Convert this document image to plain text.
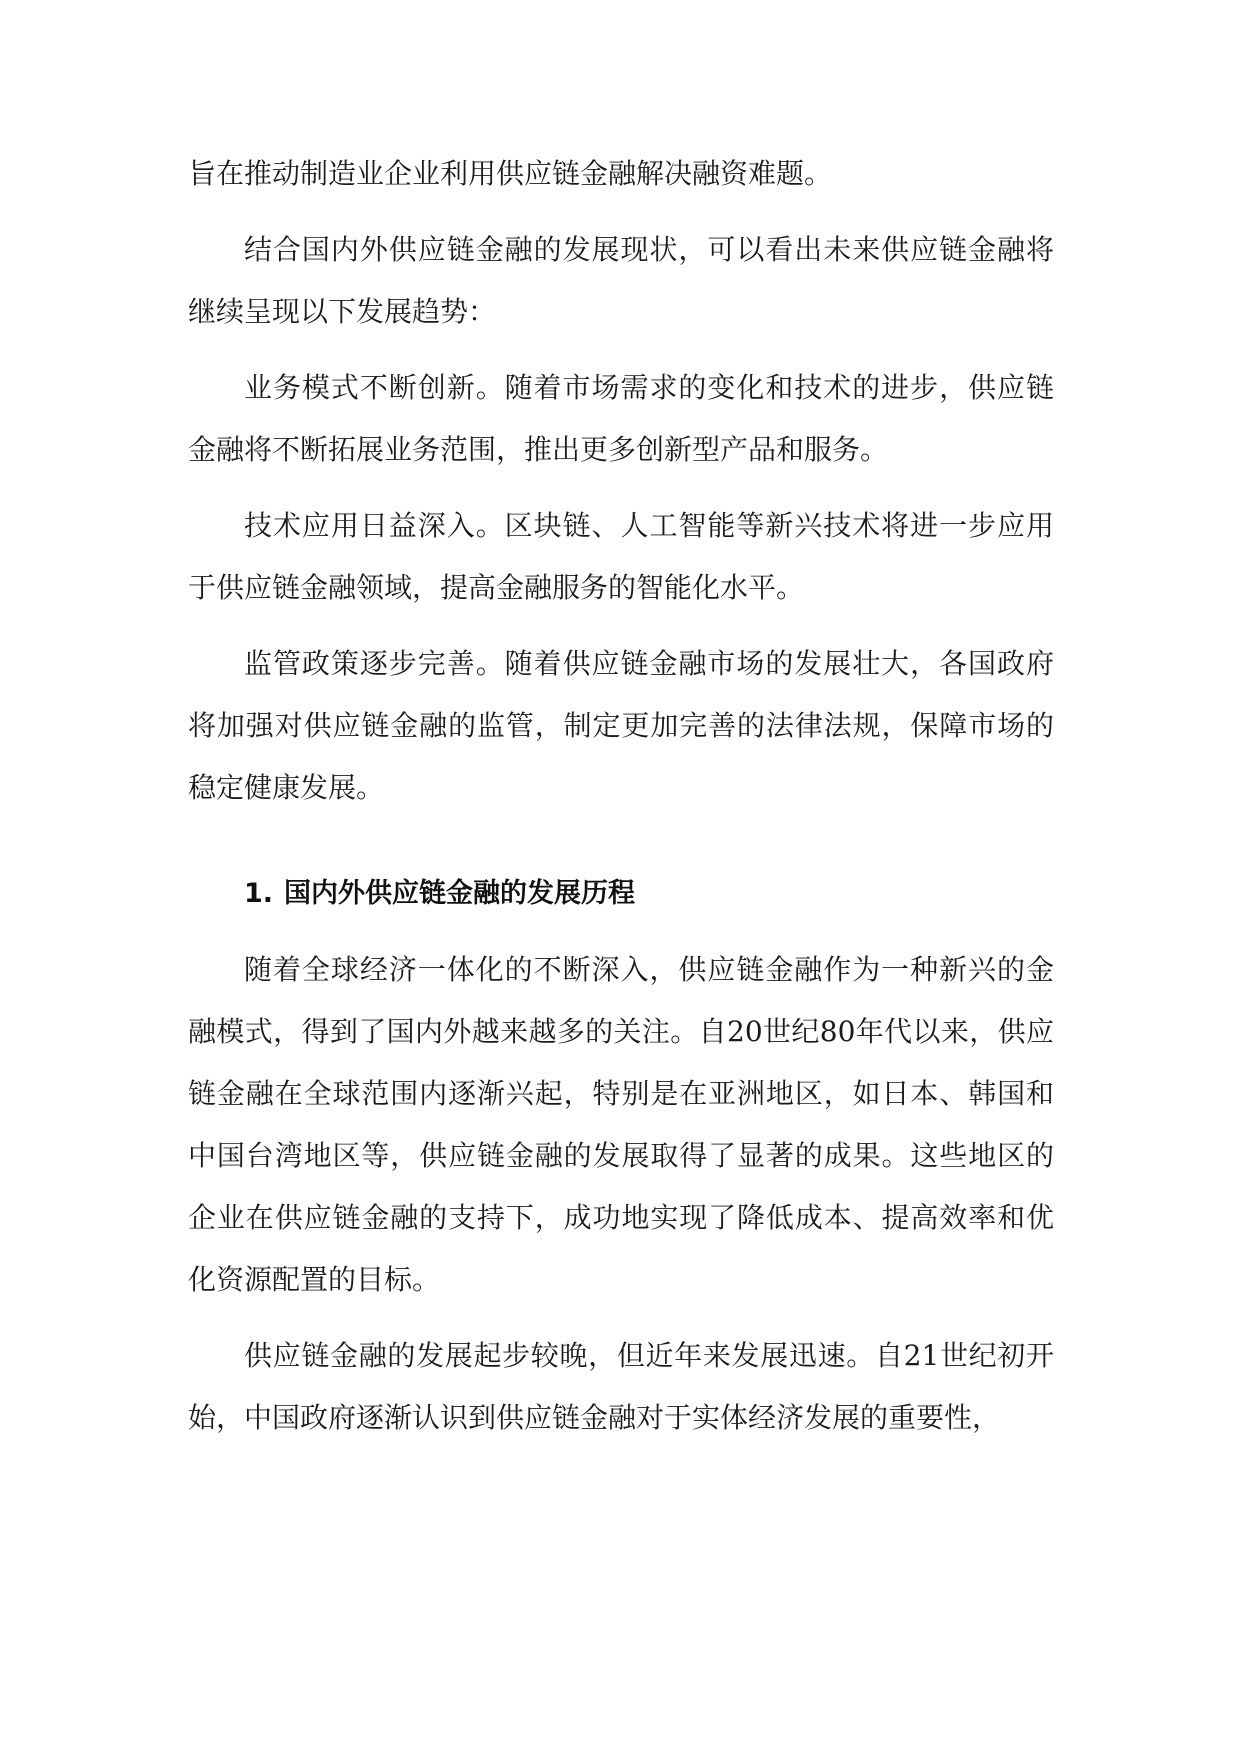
旨在推动制造业企业利用供应链金融解决融资难题。

结合国内外供应链金融的发展现状，可以看出未来供应链金融将继续呈现以下发展趋势：

业务模式不断创新。随着市场需求的变化和技术的进步，供应链金融将不断拓展业务范围，推出更多创新型产品和服务。

技术应用日益深入。区块链、人工智能等新兴技术将进一步应用于供应链金融领域，提高金融服务的智能化水平。

监管政策逐步完善。随着供应链金融市场的发展壮大，各国政府将加强对供应链金融的监管，制定更加完善的法律法规，保障市场的稳定健康发展。

1. 国内外供应链金融的发展历程

随着全球经济一体化的不断深入，供应链金融作为一种新兴的金融模式，得到了国内外越来越多的关注。自20世纪80年代以来，供应链金融在全球范围内逐渐兴起，特别是在亚洲地区，如日本、韩国和中国台湾地区等，供应链金融的发展取得了显著的成果。这些地区的企业在供应链金融的支持下，成功地实现了降低成本、提高效率和优化资源配置的目标。

供应链金融的发展起步较晚，但近年来发展迅速。自21世纪初开始，中国政府逐渐认识到供应链金融对于实体经济发展的重要性，
